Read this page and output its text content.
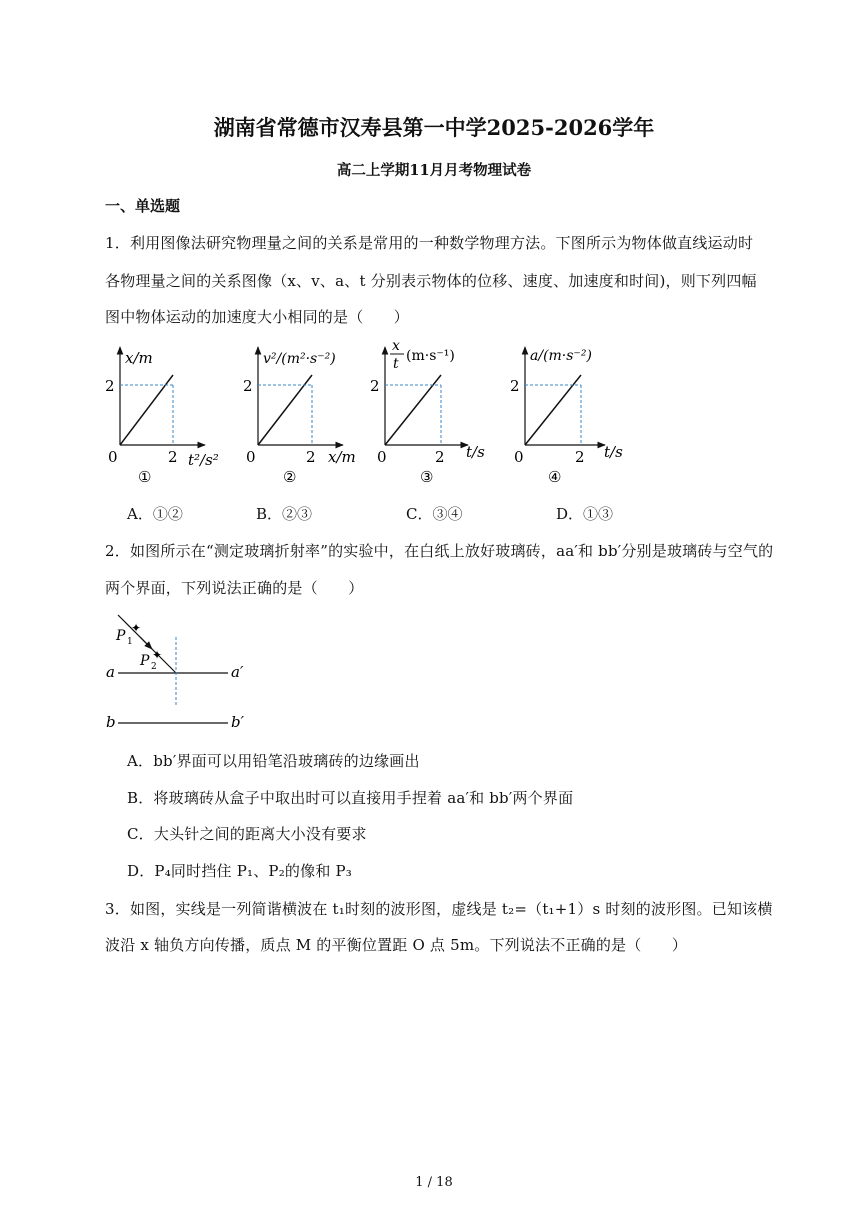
湖南省常德市汉寿县第一中学2025-2026学年
高二上学期11月月考物理试卷
一、单选题
1．利用图像法研究物理量之间的关系是常用的一种数学物理方法。下图所示为物体做直线运动时
各物理量之间的关系图像（x、v、a、t 分别表示物体的位移、速度、加速度和时间)，则下列四幅
图中物体运动的加速度大小相同的是（　　）
x/m
2
2
0	t²/s²
①
v²/(m²·s⁻²)
2
2
0	x/m
②
x
t (m·s⁻¹)
2
2
0	t/s
③
a/(m·s⁻²)
2
2
0	t/s
④
A．①②	B．②③	C．③④	D．①③
2．如图所示在“测定玻璃折射率”的实验中，在白纸上放好玻璃砖，aa′和 bb′分别是玻璃砖与空气的
两个界面，下列说法正确的是（　　）
✦
✦
P 1
P 2
a	a′
b	b′
A．bb′界面可以用铅笔沿玻璃砖的边缘画出
B．将玻璃砖从盒子中取出时可以直接用手捏着 aa′和 bb′两个界面
C．大头针之间的距离大小没有要求
D．P₄同时挡住 P₁、P₂的像和 P₃
3．如图，实线是一列简谐横波在 t₁时刻的波形图，虚线是 t₂=（t₁+1）s 时刻的波形图。已知该横
波沿 x 轴负方向传播，质点 M 的平衡位置距 O 点 5m。下列说法不正确的是（　　）
1 / 18
